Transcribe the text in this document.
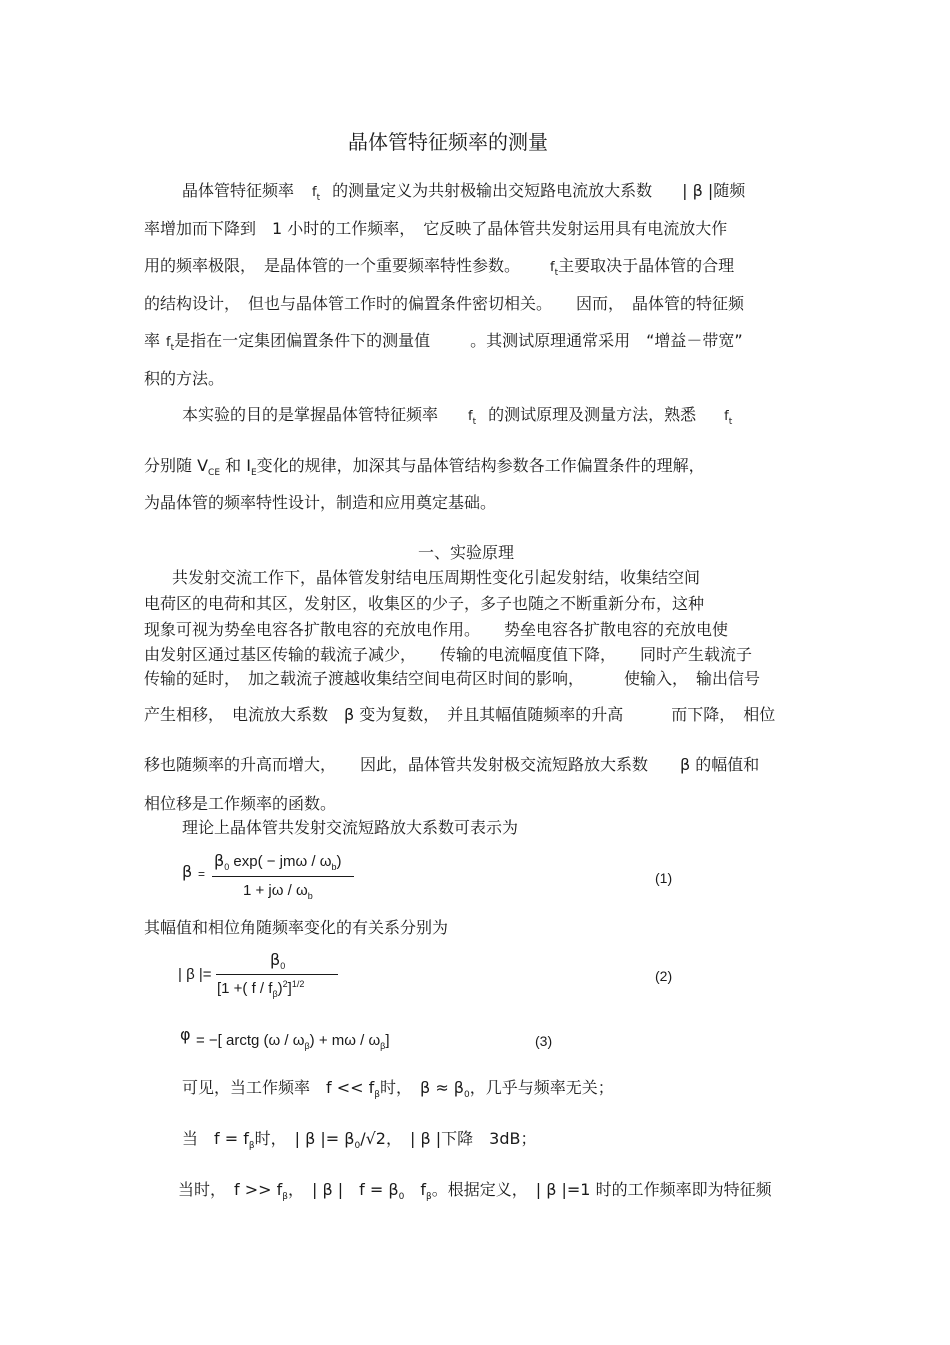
晶体管特征频率的测量
晶体管特征频率 $f_t$ 的测量定义为共射极输出交短路电流放大系数 | β |随频
率增加而下降到　1 小时的工作频率，　它反映了晶体管共发射运用具有电流放大作
用的频率极限，　是晶体管的一个重要频率特性参数。 $f_t$主要取决于晶体管的合理
的结构设计，　但也与晶体管工作时的偏置条件密切相关。　　因而，　晶体管的特征频
率 $f_t$是指在一定集团偏置条件下的测量值	。其测试原理通常采用　“增益－带宽”
积的方法。
本实验的目的是掌握晶体管特征频率 $f_t$ 的测试原理及测量方法，熟悉 $f_t$
分别随 $V_{CE}$ 和 $I_E$变化的规律，加深其与晶体管结构参数各工作偏置条件的理解，
为晶体管的频率特性设计，制造和应用奠定基础。
一、实验原理
共发射交流工作下，晶体管发射结电压周期性变化引起发射结，收集结空间
电荷区的电荷和其区，发射区，收集区的少子，多子也随之不断重新分布，这种
现象可视为势垒电容各扩散电容的充放电作用。　　势垒电容各扩散电容的充放电使
由发射区通过基区传输的载流子减少，　　传输的电流幅度值下降，　　同时产生载流子
传输的延时，　加之载流子渡越收集结空间电荷区时间的影响，　　　使输入，　输出信号
产生相移，　电流放大系数　β 变为复数，　并且其幅值随频率的升高　　　而下降，　相位
移也随频率的升高而增大，　　因此，晶体管共发射极交流短路放大系数　　β 的幅值和
相位移是工作频率的函数。
理论上晶体管共发射交流短路放大系数可表示为
β =
$\beta_0$ $\exp( - jm\omega / \omega_b)$
$1 + j\omega / \omega_b$
(1)
其幅值和相位角随频率变化的有关系分别为
| β |=
$\beta_0$
[1 +( f / $f_\beta)^2]^{1/2}$	(2)
φ = −[ arctg $(\omega / \omega_\beta) + m\omega / \omega_\beta$]	(3)
可见，当工作频率　$f << f_\beta$时，　$\beta \approx \beta_0$，几乎与频率无关；
当　$f = f_\beta$时，　| β |= $\beta_0/√2$，　| β |下降　3dB；
当时，　$f >> f_\beta$，　| β |　$f = \beta_0$　$f_\beta$。根据定义，　| β |=1 时的工作频率即为特征频
